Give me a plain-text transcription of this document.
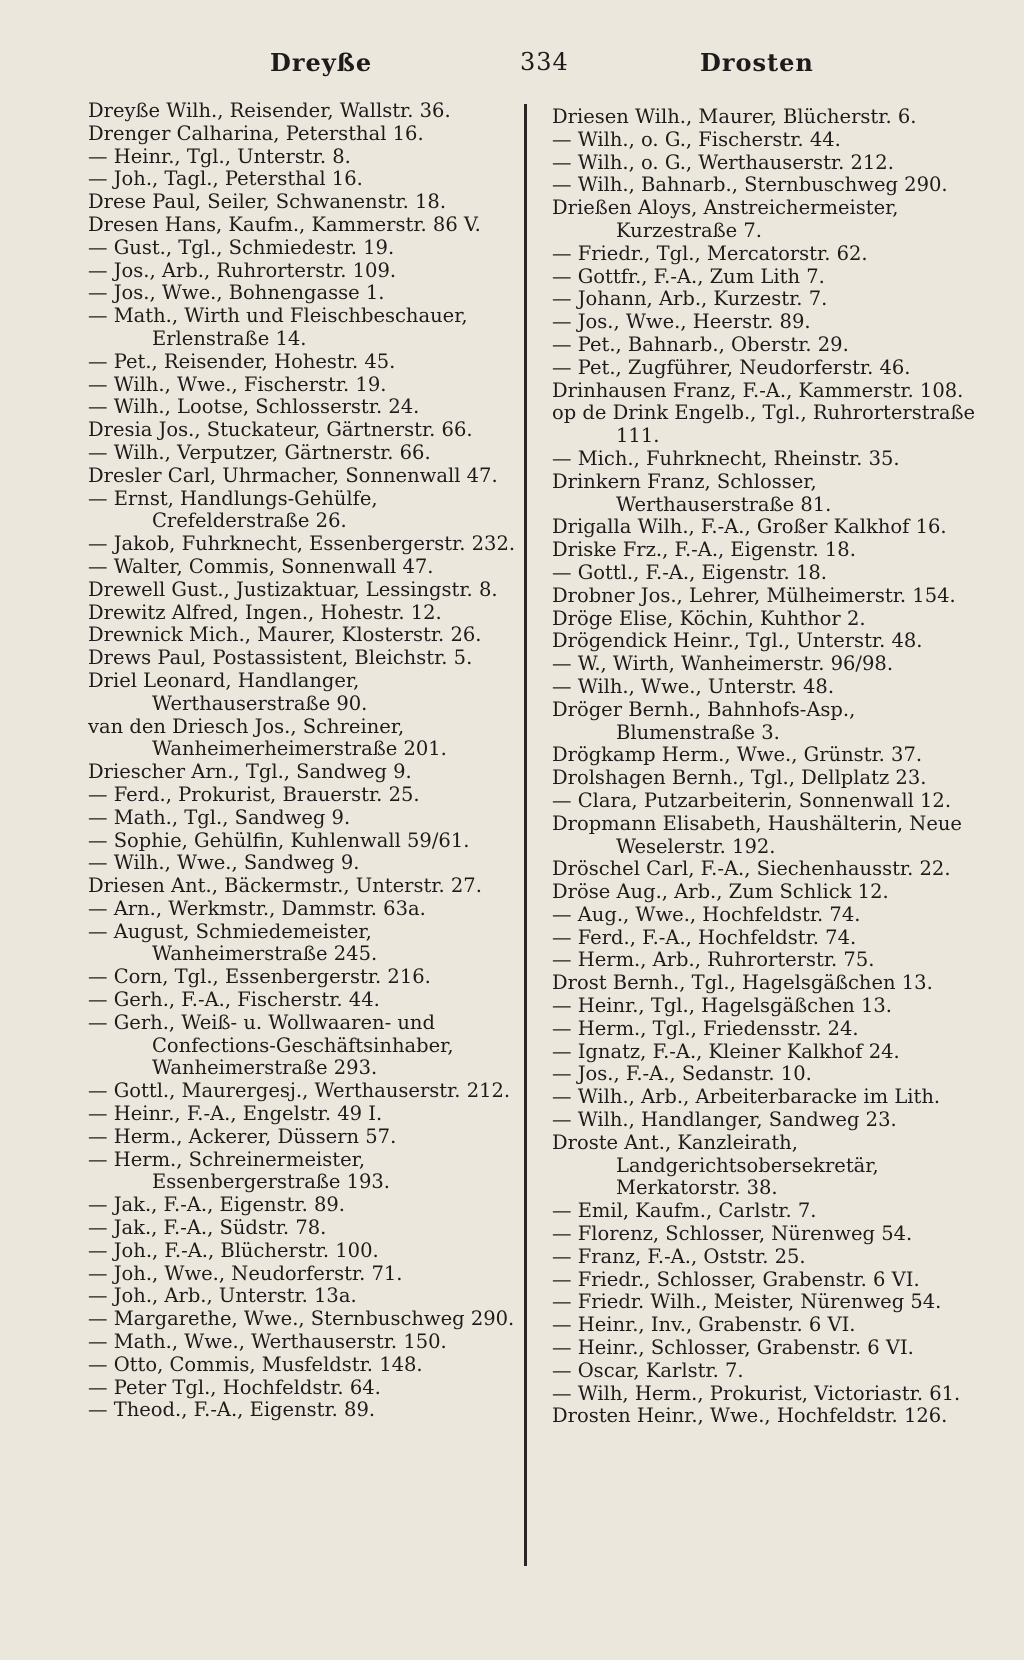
Dreyße	334	Drosten

Dreyße Wilh., Reisender, Wallstr. 36.

Drenger Calharina, Petersthal 16.

— Heinr., Tgl., Unterstr. 8.

— Joh., Tagl., Petersthal 16.

Drese Paul, Seiler, Schwanenstr. 18.

Dresen Hans, Kaufm., Kammerstr. 86 V.

— Gust., Tgl., Schmiedestr. 19.

— Jos., Arb., Ruhrorterstr. 109.

— Jos., Wwe., Bohnengasse 1.

— Math., Wirth und Fleischbeschauer, Erlenstraße 14.

— Pet., Reisender, Hohestr. 45.

— Wilh., Wwe., Fischerstr. 19.

— Wilh., Lootse, Schlosserstr. 24.

Dresia Jos., Stuckateur, Gärtnerstr. 66.

— Wilh., Verputzer, Gärtnerstr. 66.

Dresler Carl, Uhrmacher, Sonnenwall 47.

— Ernst, Handlungs-Gehülfe, Crefelderstraße 26.

— Jakob, Fuhrknecht, Essenbergerstr. 232.

— Walter, Commis, Sonnenwall 47.

Drewell Gust., Justizaktuar, Lessingstr. 8.

Drewitz Alfred, Ingen., Hohestr. 12.

Drewnick Mich., Maurer, Klosterstr. 26.

Drews Paul, Postassistent, Bleichstr. 5.

Driel Leonard, Handlanger, Werthauserstraße 90.

van den Driesch Jos., Schreiner, Wanheimerheimerstraße 201.

Driescher Arn., Tgl., Sandweg 9.

— Ferd., Prokurist, Brauerstr. 25.

— Math., Tgl., Sandweg 9.

— Sophie, Gehülfin, Kuhlenwall 59/61.

— Wilh., Wwe., Sandweg 9.

Driesen Ant., Bäckermstr., Unterstr. 27.

— Arn., Werkmstr., Dammstr. 63a.

— August, Schmiedemeister, Wanheimerstraße 245.

— Corn, Tgl., Essenbergerstr. 216.

— Gerh., F.-A., Fischerstr. 44.

— Gerh., Weiß- u. Wollwaaren- und Confections-Geschäftsinhaber, Wanheimerstraße 293.

— Gottl., Maurergesj., Werthauserstr. 212.

— Heinr., F.-A., Engelstr. 49 I.

— Herm., Ackerer, Düssern 57.

— Herm., Schreinermeister, Essenbergerstraße 193.

— Jak., F.-A., Eigenstr. 89.

— Jak., F.-A., Südstr. 78.

— Joh., F.-A., Blücherstr. 100.

— Joh., Wwe., Neudorferstr. 71.

— Joh., Arb., Unterstr. 13a.

— Margarethe, Wwe., Sternbuschweg 290.

— Math., Wwe., Werthauserstr. 150.

— Otto, Commis, Musfeldstr. 148.

— Peter Tgl., Hochfeldstr. 64.

— Theod., F.-A., Eigenstr. 89.

Driesen Wilh., Maurer, Blücherstr. 6.

— Wilh., o. G., Fischerstr. 44.

— Wilh., o. G., Werthauserstr. 212.

— Wilh., Bahnarb., Sternbuschweg 290.

Drießen Aloys, Anstreichermeister, Kurzestraße 7.

— Friedr., Tgl., Mercatorstr. 62.

— Gottfr., F.-A., Zum Lith 7.

— Johann, Arb., Kurzestr. 7.

— Jos., Wwe., Heerstr. 89.

— Pet., Bahnarb., Oberstr. 29.

— Pet., Zugführer, Neudorferstr. 46.

Drinhausen Franz, F.-A., Kammerstr. 108.

op de Drink Engelb., Tgl., Ruhrorterstraße 111.

— Mich., Fuhrknecht, Rheinstr. 35.

Drinkern Franz, Schlosser, Werthauserstraße 81.

Drigalla Wilh., F.-A., Großer Kalkhof 16.

Driske Frz., F.-A., Eigenstr. 18.

— Gottl., F.-A., Eigenstr. 18.

Drobner Jos., Lehrer, Mülheimerstr. 154.

Dröge Elise, Köchin, Kuhthor 2.

Drögendick Heinr., Tgl., Unterstr. 48.

— W., Wirth, Wanheimerstr. 96/98.

— Wilh., Wwe., Unterstr. 48.

Dröger Bernh., Bahnhofs-Asp., Blumenstraße 3.

Drögkamp Herm., Wwe., Grünstr. 37.

Drolshagen Bernh., Tgl., Dellplatz 23.

— Clara, Putzarbeiterin, Sonnenwall 12.

Dropmann Elisabeth, Haushälterin, Neue Weselerstr. 192.

Dröschel Carl, F.-A., Siechenhausstr. 22.

Dröse Aug., Arb., Zum Schlick 12.

— Aug., Wwe., Hochfeldstr. 74.

— Ferd., F.-A., Hochfeldstr. 74.

— Herm., Arb., Ruhrorterstr. 75.

Drost Bernh., Tgl., Hagelsgäßchen 13.

— Heinr., Tgl., Hagelsgäßchen 13.

— Herm., Tgl., Friedensstr. 24.

— Ignatz, F.-A., Kleiner Kalkhof 24.

— Jos., F.-A., Sedanstr. 10.

— Wilh., Arb., Arbeiterbaracke im Lith.

— Wilh., Handlanger, Sandweg 23.

Droste Ant., Kanzleirath, Landgerichtsobersekretär, Merkatorstr. 38.

— Emil, Kaufm., Carlstr. 7.

— Florenz, Schlosser, Nürenweg 54.

— Franz, F.-A., Oststr. 25.

— Friedr., Schlosser, Grabenstr. 6 VI.

— Friedr. Wilh., Meister, Nürenweg 54.

— Heinr., Inv., Grabenstr. 6 VI.

— Heinr., Schlosser, Grabenstr. 6 VI.

— Oscar, Karlstr. 7.

— Wilh, Herm., Prokurist, Victoriastr. 61.

Drosten Heinr., Wwe., Hochfeldstr. 126.
